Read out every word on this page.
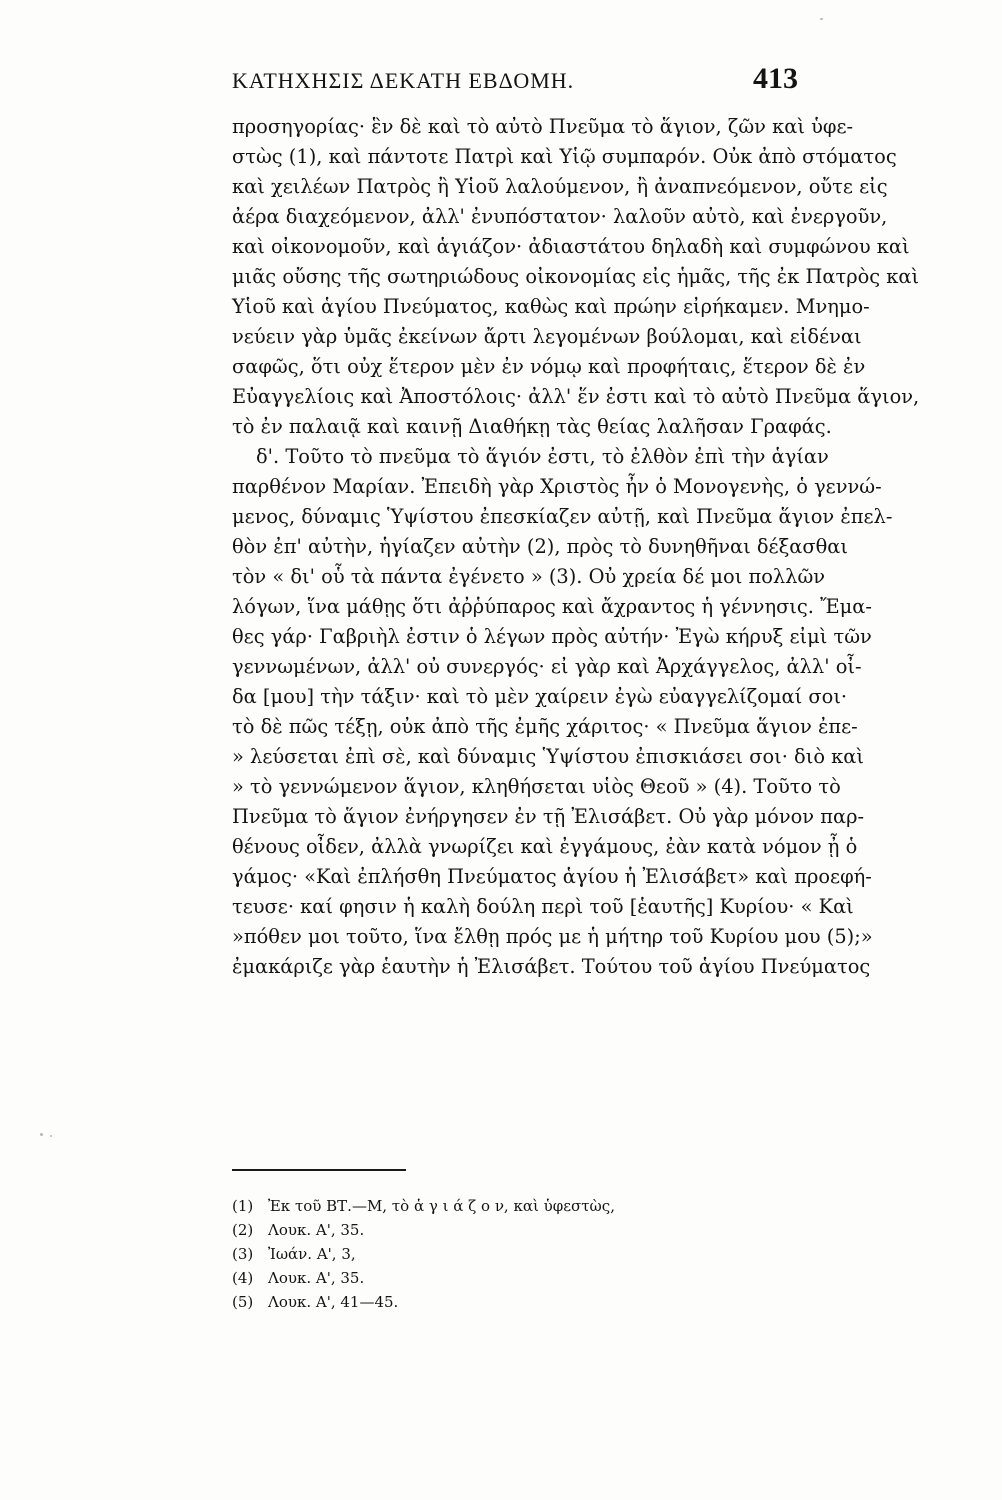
ΚΑΤΗΧΗΣΙΣ ΔΕΚΑΤΗ ΕΒΔΟΜΗ.	413
προσηγορίας· ἓν δὲ καὶ τὸ αὐτὸ Πνεῦμα τὸ ἅγιον, ζῶν καὶ ὑφε-
στὼς (1), καὶ πάντοτε Πατρὶ καὶ Υἱῷ συμπαρόν. Οὐκ ἀπὸ στόματος
καὶ χειλέων Πατρὸς ἢ Υἱοῦ λαλούμενον, ἢ ἀναπνεόμενον, οὔτε εἰς
ἀέρα διαχεόμενον, ἀλλ' ἐνυπόστατον· λαλοῦν αὐτὸ, καὶ ἐνεργοῦν,
καὶ οἰκονομοῦν, καὶ ἁγιάζον· ἀδιαστάτου δηλαδὴ καὶ συμφώνου καὶ
μιᾶς οὔσης τῆς σωτηριώδους οἰκονομίας εἰς ἡμᾶς, τῆς ἐκ Πατρὸς καὶ
Υἱοῦ καὶ ἁγίου Πνεύματος, καθὼς καὶ πρώην εἰρήκαμεν. Μνημο-
νεύειν γὰρ ὑμᾶς ἐκείνων ἄρτι λεγομένων βούλομαι, καὶ εἰδέναι
σαφῶς, ὅτι οὐχ ἕτερον μὲν ἐν νόμῳ καὶ προφήταις, ἕτερον δὲ ἐν
Εὐαγγελίοις καὶ Ἀποστόλοις· ἀλλ' ἕν ἐστι καὶ τὸ αὐτὸ Πνεῦμα ἅγιον,
τὸ ἐν παλαιᾷ καὶ καινῇ Διαθήκῃ τὰς θείας λαλῆσαν Γραφάς.
δ'. Τοῦτο τὸ πνεῦμα τὸ ἅγιόν ἐστι, τὸ ἐλθὸν ἐπὶ τὴν ἁγίαν
παρθένον Μαρίαν. Ἐπειδὴ γὰρ Χριστὸς ἦν ὁ Μονογενὴς, ὁ γεννώ-
μενος, δύναμις Ὑψίστου ἐπεσκίαζεν αὐτῇ, καὶ Πνεῦμα ἅγιον ἐπελ-
θὸν ἐπ' αὐτὴν, ἡγίαζεν αὐτὴν (2), πρὸς τὸ δυνηθῆναι δέξασθαι
τὸν « δι' οὗ τὰ πάντα ἐγένετο » (3). Οὐ χρεία δέ μοι πολλῶν
λόγων, ἵνα μάθῃς ὅτι ἀῤῥύπαρος καὶ ἄχραντος ἡ γέννησις. Ἔμα-
θες γάρ· Γαβριὴλ ἐστιν ὁ λέγων πρὸς αὐτήν· Ἐγὼ κήρυξ εἰμὶ τῶν
γεννωμένων, ἀλλ' οὐ συνεργός· εἰ γὰρ καὶ Ἀρχάγγελος, ἀλλ' οἶ-
δα [μου] τὴν τάξιν· καὶ τὸ μὲν χαίρειν ἐγὼ εὐαγγελίζομαί σοι·
τὸ δὲ πῶς τέξῃ, οὐκ ἀπὸ τῆς ἐμῆς χάριτος· « Πνεῦμα ἅγιον ἐπε-
» λεύσεται ἐπὶ σὲ, καὶ δύναμις Ὑψίστου ἐπισκιάσει σοι· διὸ καὶ
» τὸ γεννώμενον ἅγιον, κληθήσεται υἱὸς Θεοῦ » (4). Τοῦτο τὸ
Πνεῦμα τὸ ἅγιον ἐνήργησεν ἐν τῇ Ἐλισάβετ. Οὐ γὰρ μόνον παρ-
θένους οἶδεν, ἀλλὰ γνωρίζει καὶ ἐγγάμους, ἐὰν κατὰ νόμον ᾖ ὁ
γάμος· «Καὶ ἐπλήσθη Πνεύματος ἁγίου ἡ Ἐλισάβετ» καὶ προεφή-
τευσε· καί φησιν ἡ καλὴ δούλη περὶ τοῦ [ἑαυτῆς] Κυρίου· « Καὶ
»πόθεν μοι τοῦτο, ἵνα ἔλθῃ πρός με ἡ μήτηρ τοῦ Κυρίου μου (5);»
ἐμακάριζε γὰρ ἑαυτὴν ἡ Ἐλισάβετ. Τούτου τοῦ ἁγίου Πνεύματος
(1) Ἐκ τοῦ ΒΤ.—Μ, τὸ ἁ γ ι ά ζ ο ν, καὶ ὑφεστὼς,
(2) Λουκ. Α', 35.
(3) Ἰωάν. Α', 3,
(4) Λουκ. Α', 35.
(5) Λουκ. Α', 41—45.
